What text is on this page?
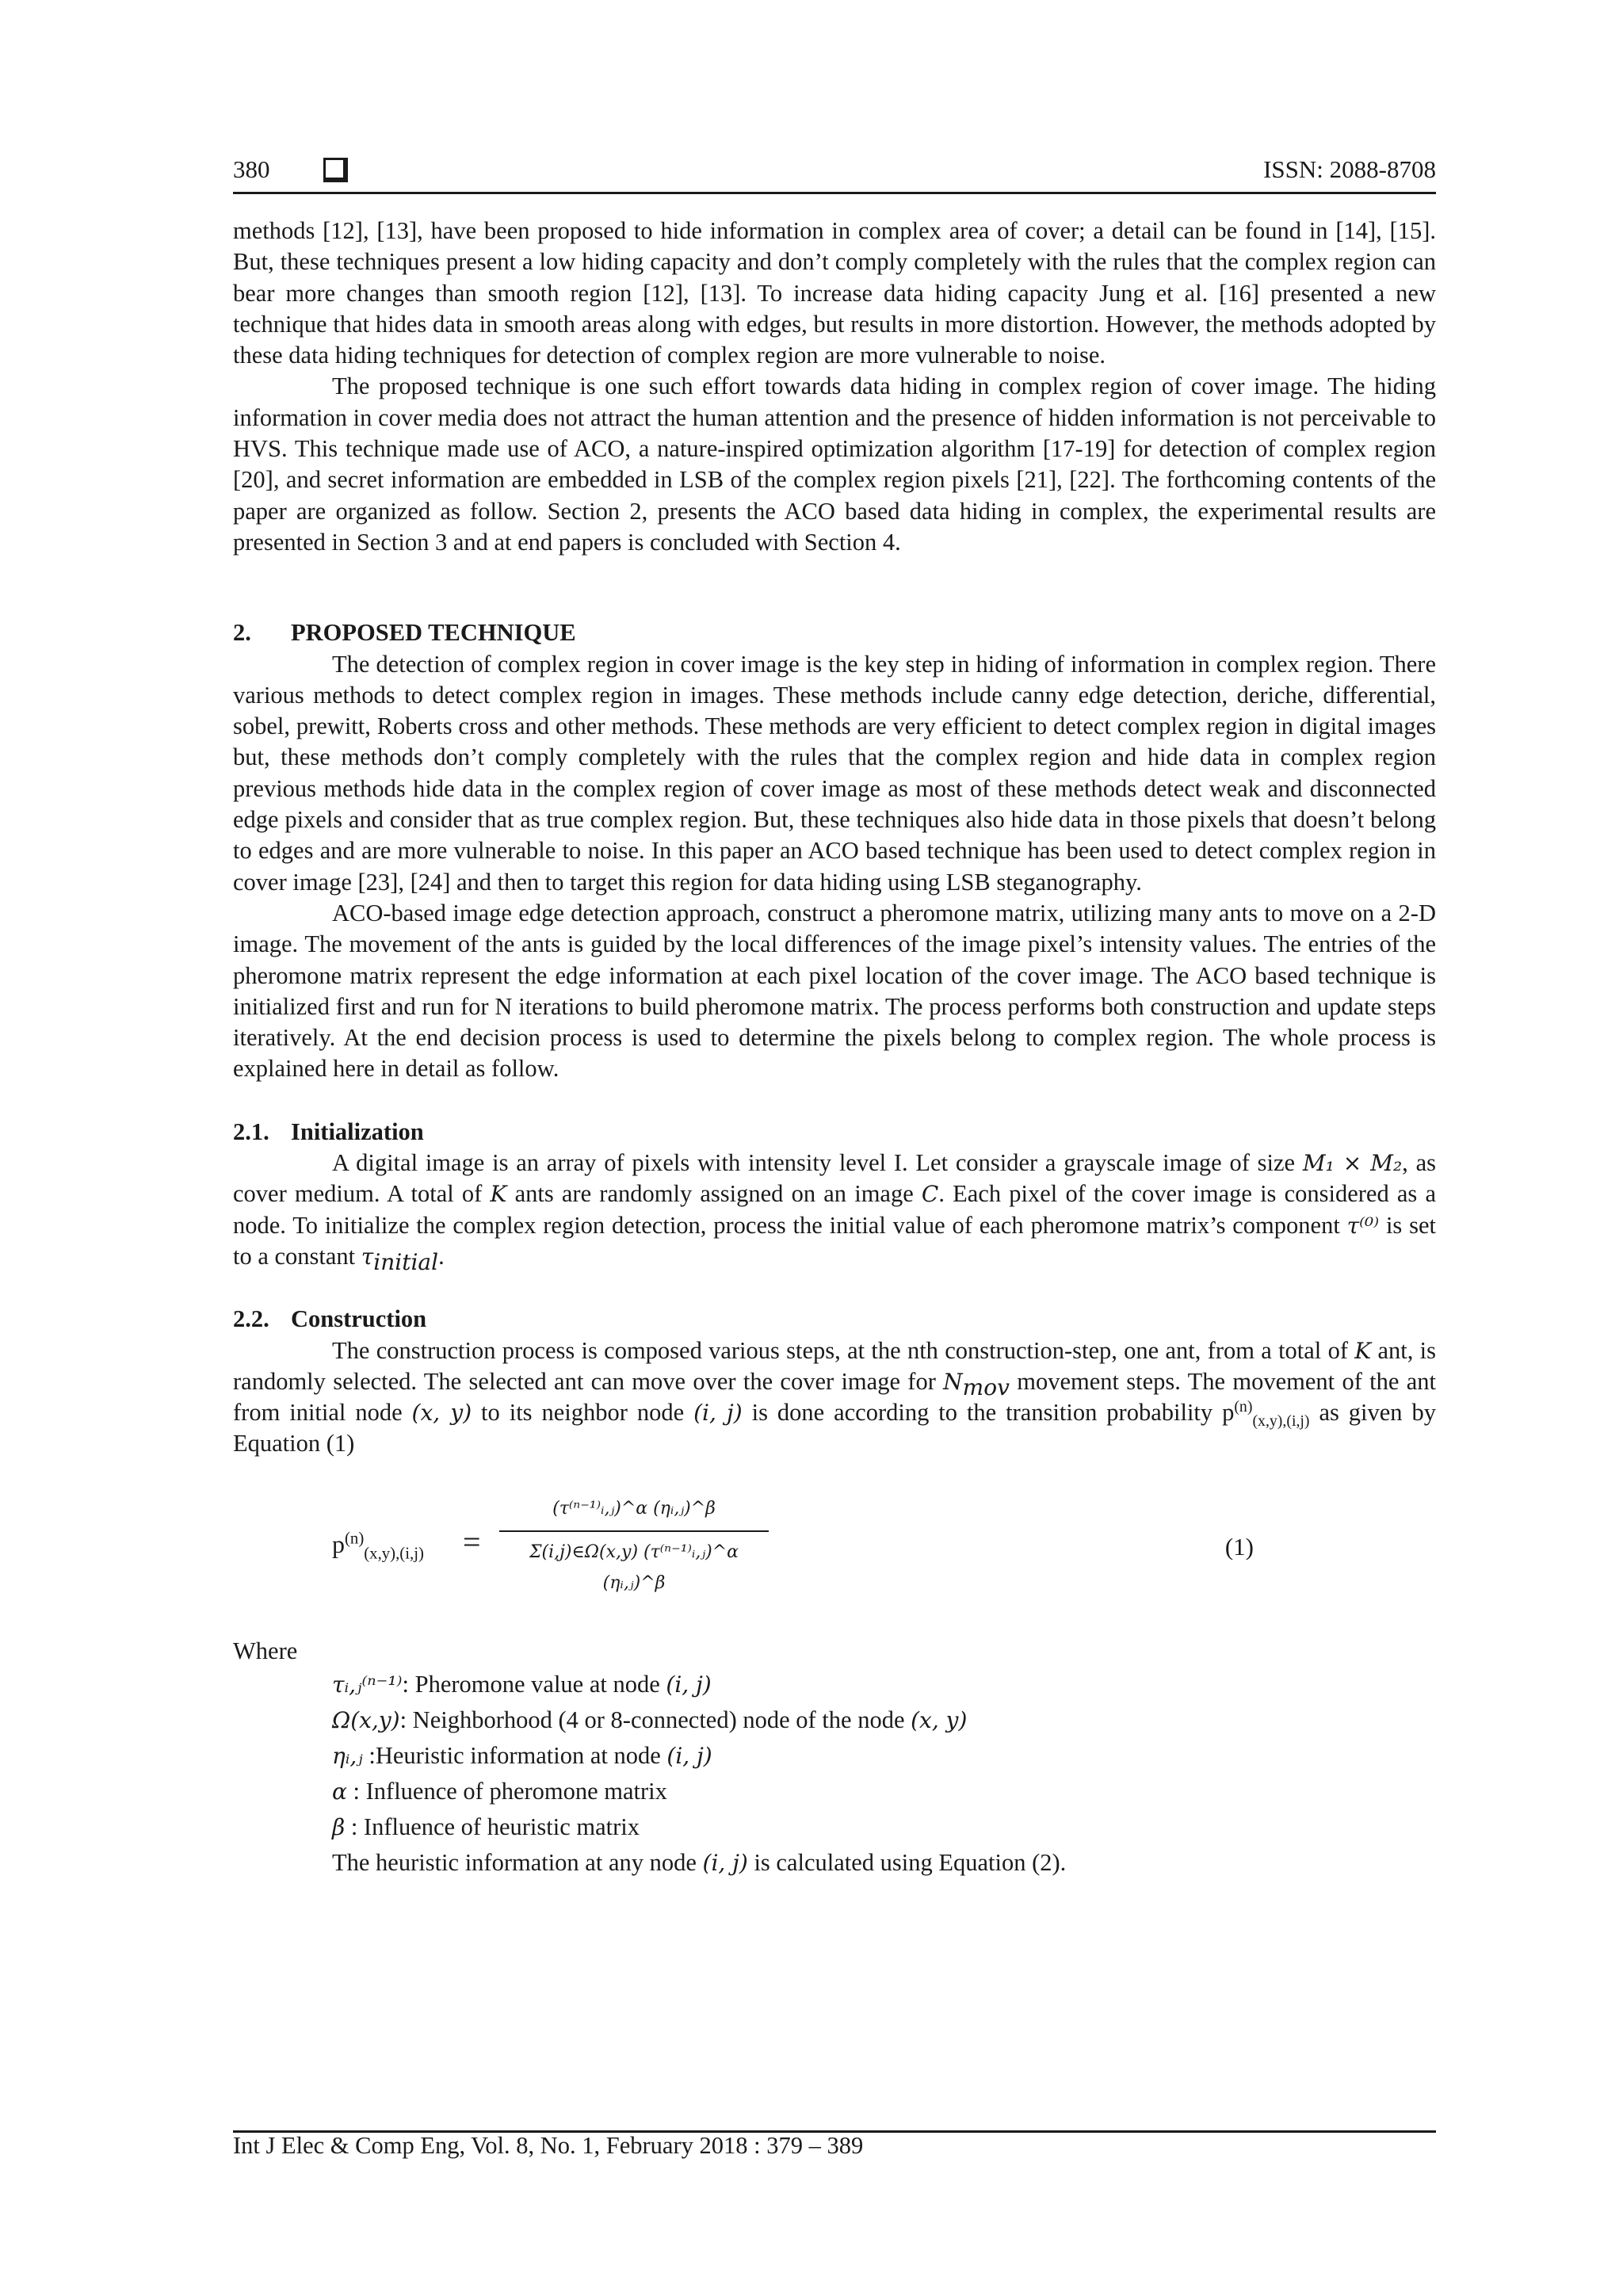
380	ISSN: 2088-8708

methods [12], [13], have been proposed to hide information in complex area of cover; a detail can be found in [14], [15]. But, these techniques present a low hiding capacity and don’t comply completely with the rules that the complex region can bear more changes than smooth region [12], [13]. To increase data hiding capacity Jung et al. [16] presented a new technique that hides data in smooth areas along with edges, but results in more distortion. However, the methods adopted by these data hiding techniques for detection of complex region are more vulnerable to noise.

The proposed technique is one such effort towards data hiding in complex region of cover image. The hiding information in cover media does not attract the human attention and the presence of hidden information is not perceivable to HVS. This technique made use of ACO, a nature-inspired optimization algorithm [17-19] for detection of complex region [20], and secret information are embedded in LSB of the complex region pixels [21], [22]. The forthcoming contents of the paper are organized as follow. Section 2, presents the ACO based data hiding in complex, the experimental results are presented in Section 3 and at end papers is concluded with Section 4.

2. PROPOSED TECHNIQUE

The detection of complex region in cover image is the key step in hiding of information in complex region. There various methods to detect complex region in images. These methods include canny edge detection, deriche, differential, sobel, prewitt, Roberts cross and other methods. These methods are very efficient to detect complex region in digital images but, these methods don’t comply completely with the rules that the complex region and hide data in complex region previous methods hide data in the complex region of cover image as most of these methods detect weak and disconnected edge pixels and consider that as true complex region. But, these techniques also hide data in those pixels that doesn’t belong to edges and are more vulnerable to noise. In this paper an ACO based technique has been used to detect complex region in cover image [23], [24] and then to target this region for data hiding using LSB steganography.

ACO-based image edge detection approach, construct a pheromone matrix, utilizing many ants to move on a 2-D image. The movement of the ants is guided by the local differences of the image pixel’s intensity values. The entries of the pheromone matrix represent the edge information at each pixel location of the cover image. The ACO based technique is initialized first and run for N iterations to build pheromone matrix. The process performs both construction and update steps iteratively. At the end decision process is used to determine the pixels belong to complex region. The whole process is explained here in detail as follow.

2.1. Initialization

A digital image is an array of pixels with intensity level I. Let consider a grayscale image of size M₁ × M₂, as cover medium. A total of K ants are randomly assigned on an image C. Each pixel of the cover image is considered as a node. To initialize the complex region detection, process the initial value of each pheromone matrix’s component τ⁽⁰⁾ is set to a constant $\tau_{initial}$.

2.2. Construction

The construction process is composed various steps, at the nth construction-step, one ant, from a total of K ant, is randomly selected. The selected ant can move over the cover image for $N_{mov}$ movement steps. The movement of the ant from initial node (x, y) to its neighbor node (i, j) is done according to the transition probability $p^{(n)}_{(x,y),(i,j)}$ as given by Equation (1)

$p^{(n)}_{(x,y),(i,j)}$ =
(τ⁽ⁿ⁻¹⁾ᵢ,ⱼ)^α (ηᵢ,ⱼ)^β
Σ(i,j)∈Ω(x,y) (τ⁽ⁿ⁻¹⁾ᵢ,ⱼ)^α (ηᵢ,ⱼ)^β
(1)

Where

τᵢ,ⱼ⁽ⁿ⁻¹⁾: Pheromone value at node (i, j)
Ω(x,y): Neighborhood (4 or 8-connected) node of the node (x, y)
ηᵢ,ⱼ :Heuristic information at node (i, j)
α : Influence of pheromone matrix
β : Influence of heuristic matrix
The heuristic information at any node (i, j) is calculated using Equation (2).
Int J Elec & Comp Eng, Vol. 8, No. 1, February 2018 : 379 – 389
